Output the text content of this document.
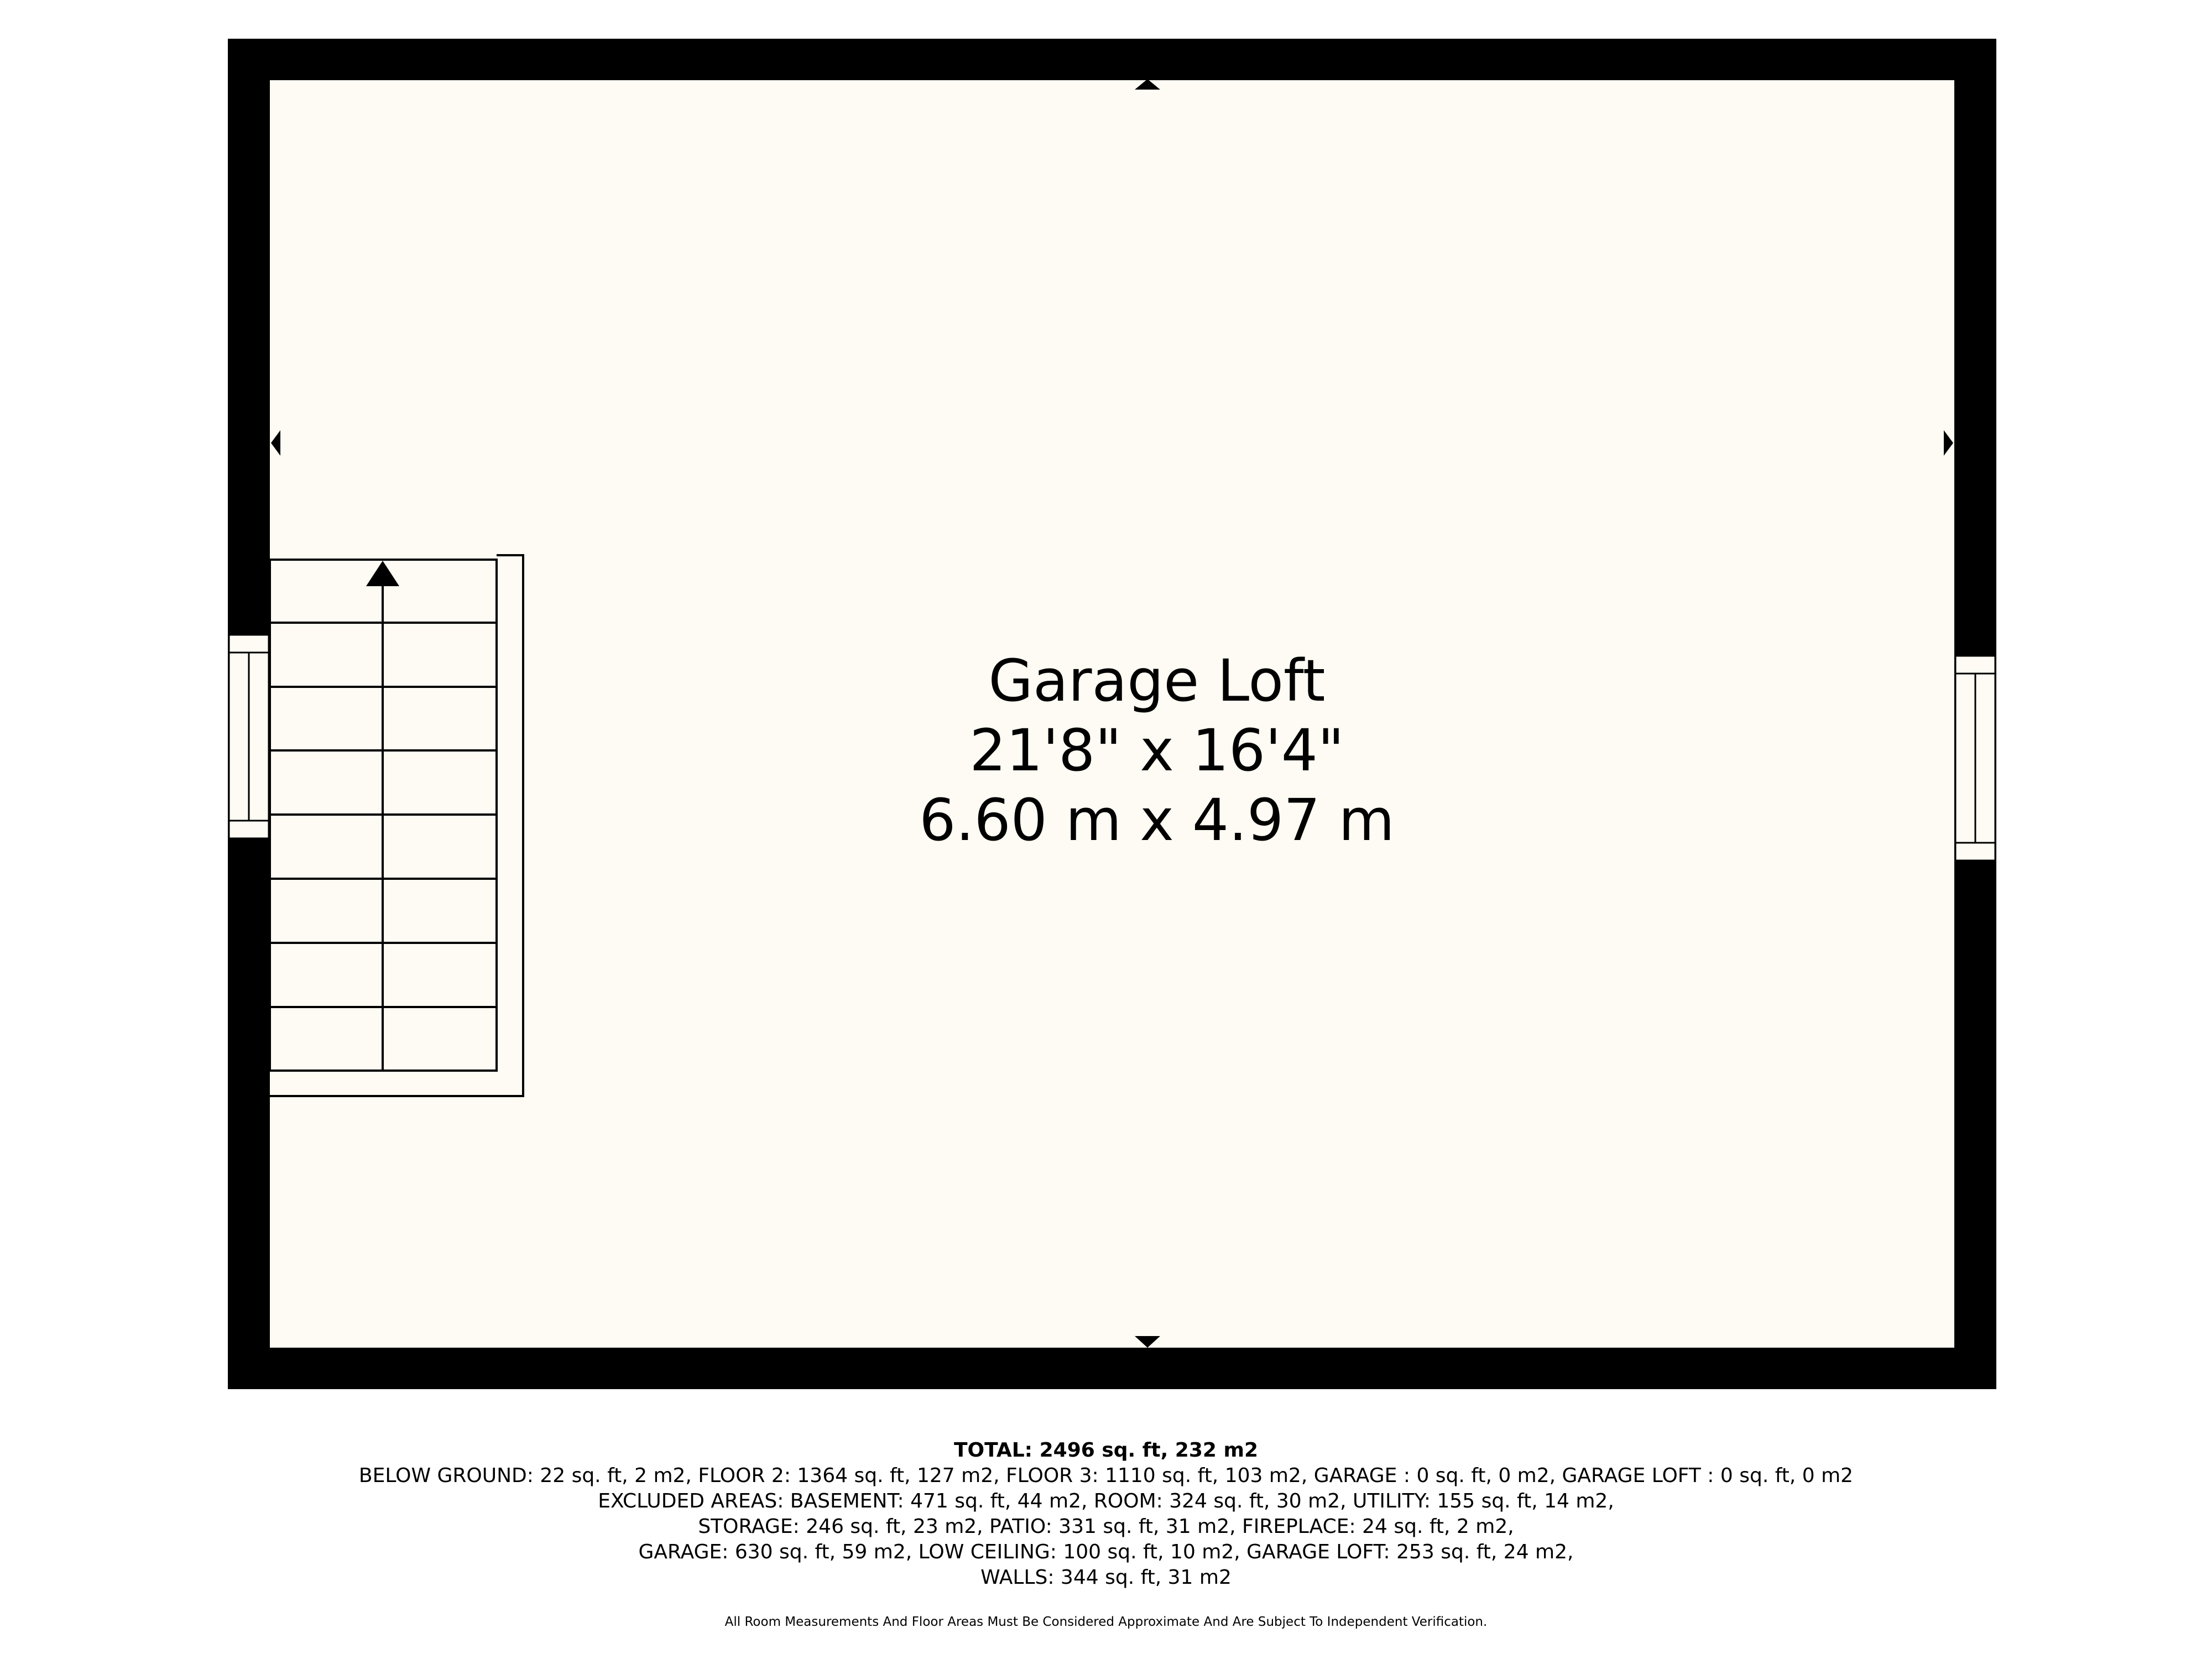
Garage Loft
21'8" x 16'4"
6.60 m x 4.97 m
TOTAL: 2496 sq. ft, 232 m2
BELOW GROUND: 22 sq. ft, 2 m2, FLOOR 2: 1364 sq. ft, 127 m2, FLOOR 3: 1110 sq. ft, 103 m2, GARAGE : 0 sq. ft, 0 m2, GARAGE LOFT : 0 sq. ft, 0 m2
EXCLUDED AREAS: BASEMENT: 471 sq. ft, 44 m2, ROOM: 324 sq. ft, 30 m2, UTILITY: 155 sq. ft, 14 m2,
STORAGE: 246 sq. ft, 23 m2, PATIO: 331 sq. ft, 31 m2, FIREPLACE: 24 sq. ft, 2 m2,
GARAGE: 630 sq. ft, 59 m2, LOW CEILING: 100 sq. ft, 10 m2, GARAGE LOFT: 253 sq. ft, 24 m2,
WALLS: 344 sq. ft, 31 m2
All Room Measurements And Floor Areas Must Be Considered Approximate And Are Subject To Independent Verification.
